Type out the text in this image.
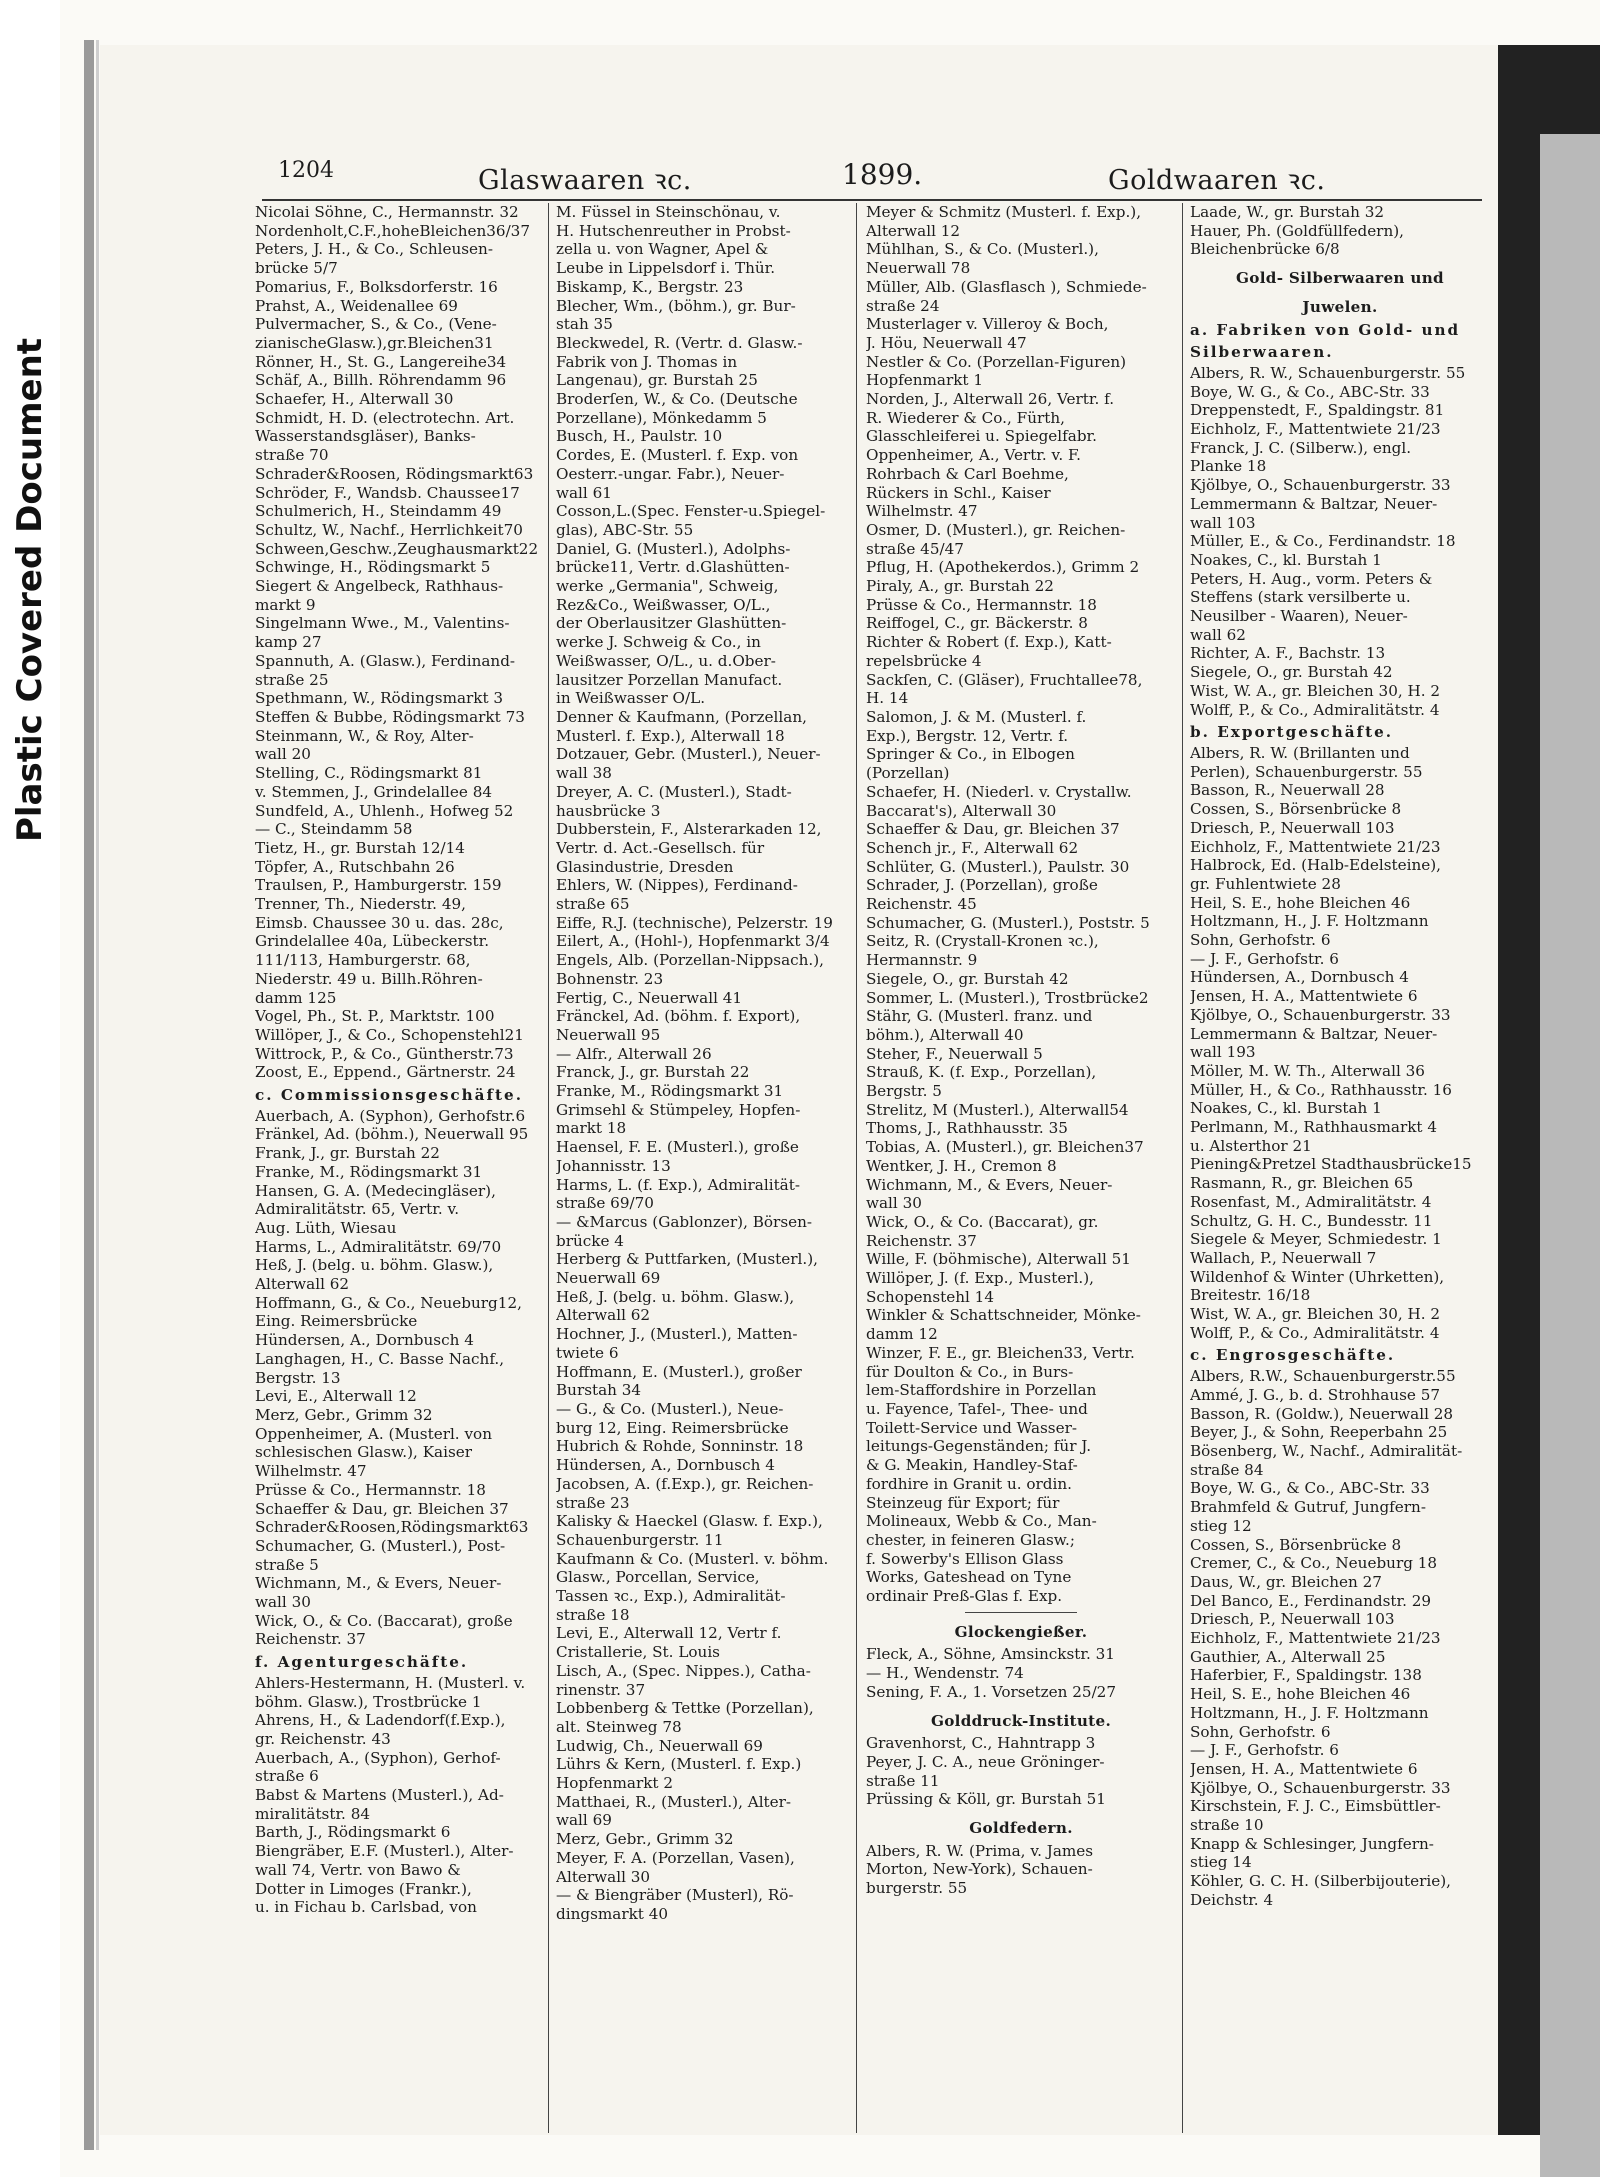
Plastic Covered Document
1204	Glaswaaren ⁠ꝛc.	1899.	Goldwaaren ⁠ꝛc.
Nicolai Söhne, C., Hermannstr. 32
Nordenholt,C.F.,hoheBleichen36/37
Peters, J. H., & Co., Schleusen-
brücke 5/7
Pomarius, F., Bolksdorferstr. 16
Prahst, A., Weidenallee 69
Pulvermacher, S., & Co., (Vene-
zianischeGlasw.),gr.Bleichen31
Rönner, H., St. G., Langereihe34
Schäf, A., Billh. Röhrendamm 96
Schaefer, H., Alterwall 30
Schmidt, H. D. (electrotechn. Art.
Wasserstandsgläser), Banks-
straße 70
Schrader&Roosen, Rödingsmarkt63
Schröder, F., Wandsb. Chaussee17
Schulmerich, H., Steindamm 49
Schultz, W., Nachf., Herrlichkeit70
Schween,Geschw.,Zeughausmarkt22
Schwinge, H., Rödingsmarkt 5
Siegert & Angelbeck, Rathhaus-
markt 9
Singelmann Wwe., M., Valentins-
kamp 27
Spannuth, A. (Glasw.), Ferdinand-
straße 25
Spethmann, W., Rödingsmarkt 3
Steffen & Bubbe, Rödingsmarkt 73
Steinmann, W., & Roy, Alter-
wall 20
Stelling, C., Rödingsmarkt 81
v. Stemmen, J., Grindelallee 84
Sundfeld, A., Uhlenh., Hofweg 52
— C., Steindamm 58
Tietz, H., gr. Burstah 12/14
Töpfer, A., Rutschbahn 26
Traulsen, P., Hamburgerstr. 159
Trenner, Th., Niederstr. 49,
Eimsb. Chaussee 30 u. das. 28c,
Grindelallee 40a, Lübeckerstr.
111/113, Hamburgerstr. 68,
Niederstr. 49 u. Billh.Röhren-
damm 125
Vogel, Ph., St. P., Marktstr. 100
Willöper, J., & Co., Schopenstehl21
Wittrock, P., & Co., Güntherstr.73
Zoost, E., Eppend., Gärtnerstr. 24
c. Commissionsgeschäfte.
Auerbach, A. (Syphon), Gerhofstr.6
Fränkel, Ad. (böhm.), Neuerwall 95
Frank, J., gr. Burstah 22
Franke, M., Rödingsmarkt 31
Hansen, G. A. (Medecingläser),
Admiralitätstr. 65, Vertr. v.
Aug. Lüth, Wiesau
Harms, L., Admiralitätstr. 69/70
Heß, J. (belg. u. böhm. Glasw.),
Alterwall 62
Hoffmann, G., & Co., Neueburg12,
Eing. Reimersbrücke
Hündersen, A., Dornbusch 4
Langhagen, H., C. Basse Nachf.,
Bergstr. 13
Levi, E., Alterwall 12
Merz, Gebr., Grimm 32
Oppenheimer, A. (Musterl. von
schlesischen Glasw.), Kaiser
Wilhelmstr. 47
Prüsse & Co., Hermannstr. 18
Schaeffer & Dau, gr. Bleichen 37
Schrader&Roosen,Rödingsmarkt63
Schumacher, G. (Musterl.), Post-
straße 5
Wichmann, M., & Evers, Neuer-
wall 30
Wick, O., & Co. (Baccarat), große
Reichenstr. 37
f. Agenturgeschäfte.
Ahlers-Hestermann, H. (Musterl. v.
böhm. Glasw.), Trostbrücke 1
Ahrens, H., & Ladendorf(f.Exp.),
gr. Reichenstr. 43
Auerbach, A., (Syphon), Gerhof-
straße 6
Babst & Martens (Musterl.), Ad-
miralitätstr. 84
Barth, J., Rödingsmarkt 6
Biengräber, E.F. (Musterl.), Alter-
wall 74, Vertr. von Bawo &
Dotter in Limoges (Frankr.),
u. in Fichau b. Carlsbad, von
M. Füssel in Steinschönau, v.
H. Hutschenreuther in Probst-
zella u. von Wagner, Apel &
Leube in Lippelsdorf i. Thür.
Biskamp, K., Bergstr. 23
Blecher, Wm., (böhm.), gr. Bur-
stah 35
Bleckwedel, R. (Vertr. d. Glasw.-
Fabrik von J. Thomas in
Langenau), gr. Burstah 25
Broderſen, W., & Co. (Deutsche
Porzellane), Mönkedamm 5
Busch, H., Paulstr. 10
Cordes, E. (Musterl. f. Exp. von
Oesterr.-ungar. Fabr.), Neuer-
wall 61
Cosson,L.(Spec. Fenster-u.Spiegel-
glas), ABC-Str. 55
Daniel, G. (Musterl.), Adolphs-
brücke11, Vertr. d.Glashütten-
werke „Germania", Schweig,
Rez&Co., Weißwasser, O/L.,
der Oberlausitzer Glashütten-
werke J. Schweig & Co., in
Weißwasser, O/L., u. d.Ober-
lausitzer Porzellan Manufact.
in Weißwasser O/L.
Denner & Kaufmann, (Porzellan,
Musterl. f. Exp.), Alterwall 18
Dotzauer, Gebr. (Musterl.), Neuer-
wall 38
Dreyer, A. C. (Musterl.), Stadt-
hausbrücke 3
Dubberstein, F., Alsterarkaden 12,
Vertr. d. Act.-Gesellsch. für
Glasindustrie, Dresden
Ehlers, W. (Nippes), Ferdinand-
straße 65
Eiffe, R.J. (technische), Pelzerstr. 19
Eilert, A., (Hohl-), Hopfenmarkt 3/4
Engels, Alb. (Porzellan-Nippsach.),
Bohnenstr. 23
Fertig, C., Neuerwall 41
Fränckel, Ad. (böhm. f. Export),
Neuerwall 95
— Alfr., Alterwall 26
Franck, J., gr. Burstah 22
Franke, M., Rödingsmarkt 31
Grimsehl & Stümpeley, Hopfen-
markt 18
Haensel, F. E. (Musterl.), große
Johannisstr. 13
Harms, L. (f. Exp.), Admiralität-
straße 69/70
— &Marcus (Gablonzer), Börsen-
brücke 4
Herberg & Puttfarken, (Musterl.),
Neuerwall 69
Heß, J. (belg. u. böhm. Glasw.),
Alterwall 62
Hochner, J., (Musterl.), Matten-
twiete 6
Hoffmann, E. (Musterl.), großer
Burstah 34
— G., & Co. (Musterl.), Neue-
burg 12, Eing. Reimersbrücke
Hubrich & Rohde, Sonninstr. 18
Hündersen, A., Dornbusch 4
Jacobsen, A. (f.Exp.), gr. Reichen-
straße 23
Kalisky & Haeckel (Glasw. f. Exp.),
Schauenburgerstr. 11
Kaufmann & Co. (Musterl. v. böhm.
Glasw., Porcellan, Service,
Tassen ꝛc., Exp.), Admiralität-
straße 18
Levi, E., Alterwall 12, Vertr f.
Cristallerie, St. Louis
Lisch, A., (Spec. Nippes.), Catha-
rinenstr. 37
Lobbenberg & Tettke (Porzellan),
alt. Steinweg 78
Ludwig, Ch., Neuerwall 69
Lührs & Kern, (Musterl. f. Exp.)
Hopfenmarkt 2
Matthaei, R., (Musterl.), Alter-
wall 69
Merz, Gebr., Grimm 32
Meyer, F. A. (Porzellan, Vasen),
Alterwall 30
— & Biengräber (Musterl), Rö-
dingsmarkt 40
Meyer & Schmitz (Musterl. f. Exp.),
Alterwall 12
Mühlhan, S., & Co. (Musterl.),
Neuerwall 78
Müller, Alb. (Glasflasch ), Schmiede-
straße 24
Musterlager v. Villeroy & Boch,
J. Höu, Neuerwall 47
Nestler & Co. (Porzellan-Figuren)
Hopfenmarkt 1
Norden, J., Alterwall 26, Vertr. f.
R. Wiederer & Co., Fürth,
Glasschleiferei u. Spiegelfabr.
Oppenheimer, A., Vertr. v. F.
Rohrbach & Carl Boehme,
Rückers in Schl., Kaiser
Wilhelmstr. 47
Osmer, D. (Musterl.), gr. Reichen-
straße 45/47
Pflug, H. (Apothekerdos.), Grimm 2
Piraly, A., gr. Burstah 22
Prüsse & Co., Hermannstr. 18
Reiffogel, C., gr. Bäckerstr. 8
Richter & Robert (f. Exp.), Katt-
repelsbrücke 4
Sackſen, C. (Gläser), Fruchtallee78,
H. 14
Salomon, J. & M. (Musterl. f.
Exp.), Bergstr. 12, Vertr. f.
Springer & Co., in Elbogen
(Porzellan)
Schaefer, H. (Niederl. v. Crystallw.
Baccarat's), Alterwall 30
Schaeffer & Dau, gr. Bleichen 37
Schench jr., F., Alterwall 62
Schlüter, G. (Musterl.), Paulstr. 30
Schrader, J. (Porzellan), große
Reichenstr. 45
Schumacher, G. (Musterl.), Poststr. 5
Seitz, R. (Crystall-Kronen ꝛc.),
Hermannstr. 9
Siegele, O., gr. Burstah 42
Sommer, L. (Musterl.), Trostbrücke2
Stähr, G. (Musterl. franz. und
böhm.), Alterwall 40
Steher, F., Neuerwall 5
Strauß, K. (f. Exp., Porzellan),
Bergstr. 5
Strelitz, M (Musterl.), Alterwall54
Thoms, J., Rathhausstr. 35
Tobias, A. (Musterl.), gr. Bleichen37
Wentker, J. H., Cremon 8
Wichmann, M., & Evers, Neuer-
wall 30
Wick, O., & Co. (Baccarat), gr.
Reichenstr. 37
Wille, F. (böhmische), Alterwall 51
Willöper, J. (f. Exp., Musterl.),
Schopenstehl 14
Winkler & Schattschneider, Mönke-
damm 12
Winzer, F. E., gr. Bleichen33, Vertr.
für Doulton & Co., in Burs-
lem-Staffordshire in Porzellan
u. Fayence, Tafel-, Thee- und
Toilett-Service und Wasser-
leitungs-Gegenständen; für J.
& G. Meakin, Handley-Staf-
fordhire in Granit u. ordin.
Steinzeug für Export; für
Molineaux, Webb & Co., Man-
chester, in feineren Glasw.;
f. Sowerby's Ellison Glass
Works, Gateshead on Tyne
ordinair Preß-Glas f. Exp.
Glockengießer.
Fleck, A., Söhne, Amsinckstr. 31
— H., Wendenstr. 74
Sening, F. A., 1. Vorsetzen 25/27
Golddruck-Institute.
Gravenhorst, C., Hahntrapp 3
Peyer, J. C. A., neue Gröninger-
straße 11
Prüssing & Köll, gr. Burstah 51
Goldfedern.
Albers, R. W. (Prima, v. James
Morton, New-York), Schauen-
burgerstr. 55
Laade, W., gr. Burstah 32
Hauer, Ph. (Goldfüllfedern),
Bleichenbrücke 6/8
Gold- Silberwaaren und
Juwelen.
a. Fabriken von Gold- und
Silberwaaren.
Albers, R. W., Schauenburgerstr. 55
Boye, W. G., & Co., ABC-Str. 33
Dreppenstedt, F., Spaldingstr. 81
Eichholz, F., Mattentwiete 21/23
Franck, J. C. (Silberw.), engl.
Planke 18
Kjölbye, O., Schauenburgerstr. 33
Lemmermann & Baltzar, Neuer-
wall 103
Müller, E., & Co., Ferdinandstr. 18
Noakes, C., kl. Burstah 1
Peters, H. Aug., vorm. Peters &
Steffens (stark versilberte u.
Neusilber - Waaren), Neuer-
wall 62
Richter, A. F., Bachstr. 13
Siegele, O., gr. Burstah 42
Wist, W. A., gr. Bleichen 30, H. 2
Wolff, P., & Co., Admiralitätstr. 4
b. Exportgeschäfte.
Albers, R. W. (Brillanten und
Perlen), Schauenburgerstr. 55
Basson, R., Neuerwall 28
Cossen, S., Börsenbrücke 8
Driesch, P., Neuerwall 103
Eichholz, F., Mattentwiete 21/23
Halbrock, Ed. (Halb-Edelsteine),
gr. Fuhlentwiete 28
Heil, S. E., hohe Bleichen 46
Holtzmann, H., J. F. Holtzmann
Sohn, Gerhofstr. 6
— J. F., Gerhofstr. 6
Hündersen, A., Dornbusch 4
Jensen, H. A., Mattentwiete 6
Kjölbye, O., Schauenburgerstr. 33
Lemmermann & Baltzar, Neuer-
wall 193
Möller, M. W. Th., Alterwall 36
Müller, H., & Co., Rathhausstr. 16
Noakes, C., kl. Burstah 1
Perlmann, M., Rathhausmarkt 4
u. Alsterthor 21
Piening&Pretzel Stadthausbrücke15
Rasmann, R., gr. Bleichen 65
Rosenfast, M., Admiralitätstr. 4
Schultz, G. H. C., Bundesstr. 11
Siegele & Meyer, Schmiedestr. 1
Wallach, P., Neuerwall 7
Wildenhof & Winter (Uhrketten),
Breitestr. 16/18
Wist, W. A., gr. Bleichen 30, H. 2
Wolff, P., & Co., Admiralitätstr. 4
c. Engrosgeschäfte.
Albers, R.W., Schauenburgerstr.55
Ammé, J. G., b. d. Strohhause 57
Basson, R. (Goldw.), Neuerwall 28
Beyer, J., & Sohn, Reeperbahn 25
Bösenberg, W., Nachf., Admiralität-
straße 84
Boye, W. G., & Co., ABC-Str. 33
Brahmfeld & Gutruf, Jungfern-
stieg 12
Cossen, S., Börsenbrücke 8
Cremer, C., & Co., Neueburg 18
Daus, W., gr. Bleichen 27
Del Banco, E., Ferdinandstr. 29
Driesch, P., Neuerwall 103
Eichholz, F., Mattentwiete 21/23
Gauthier, A., Alterwall 25
Haferbier, F., Spaldingstr. 138
Heil, S. E., hohe Bleichen 46
Holtzmann, H., J. F. Holtzmann
Sohn, Gerhofstr. 6
— J. F., Gerhofstr. 6
Jensen, H. A., Mattentwiete 6
Kjölbye, O., Schauenburgerstr. 33
Kirschstein, F. J. C., Eimsbüttler-
straße 10
Knapp & Schlesinger, Jungfern-
stieg 14
Köhler, G. C. H. (Silberbijouterie),
Deichstr. 4
